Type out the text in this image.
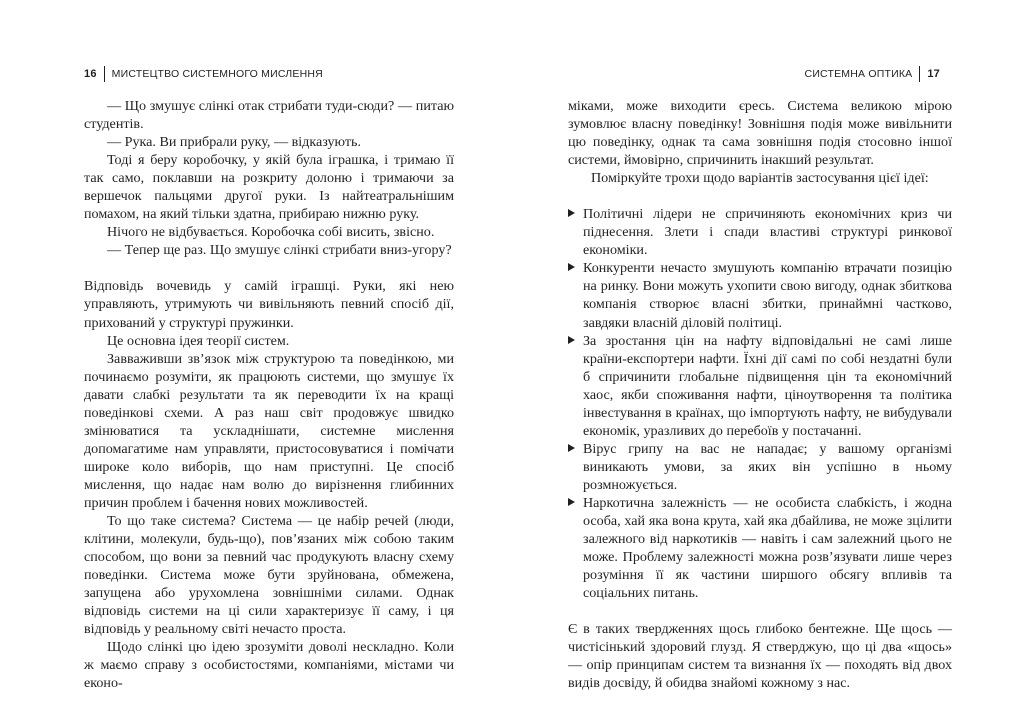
16 МИСТЕЦТВО СИСТЕМНОГО МИСЛЕННЯ

— Що змушує слінкі отак стрибати туди-сюди? — питаю студентів.

— Рука. Ви прибрали руку, — відказують.

Тоді я беру коробочку, у якій була іграшка, і тримаю її так само, поклавши на розкриту долоню і тримаючи за вершечок пальцями другої руки. Із найтеатральнішим помахом, на який тільки здатна, прибираю нижню руку.

Нічого не відбувається. Коробочка собі висить, звісно.

— Тепер ще раз. Що змушує слінкі стрибати вниз-угору?

Відповідь вочевидь у самій іграшці. Руки, які нею управляють, утримують чи вивільняють певний спосіб дії, прихований у структурі пружинки.

Це основна ідея теорії систем.

Завваживши зв’язок між структурою та поведінкою, ми починаємо розуміти, як працюють системи, що змушує їх давати слабкі результати та як переводити їх на кращі поведінкові схеми. А раз наш світ продовжує швидко змінюватися та ускладнішати, системне мислення допомагатиме нам управляти, пристосовуватися і помічати широке коло виборів, що нам приступні. Це спосіб мислення, що надає нам волю до вирізнення глибинних причин проблем і бачення нових можливостей.

То що таке система? Система — це набір речей (люди, клітини, молекули, будь-що), пов’язаних між собою таким способом, що вони за певний час продукують власну схему поведінки. Система може бути зруйнована, обмежена, запущена або урухомлена зовнішніми силами. Однак відповідь системи на ці сили характеризує її саму, і ця відповідь у реальному світі нечасто проста.

Щодо слінкі цю ідею зрозуміти доволі нескладно. Коли ж маємо справу з особистостями, компаніями, містами чи еконо-

СИСТЕМНА ОПТИКА 17

міками, може виходити єресь. Система великою мірою зумовлює власну поведінку! Зовнішня подія може вивільнити цю поведінку, однак та сама зовнішня подія стосовно іншої системи, ймовірно, спричинить інакший результат.

Поміркуйте трохи щодо варіантів застосування цієї ідеї:

Політичні лідери не спричиняють економічних криз чи піднесення. Злети і спади властиві структурі ринкової економіки.
Конкуренти нечасто змушують компанію втрачати позицію на ринку. Вони можуть ухопити свою вигоду, однак збиткова компанія створює власні збитки, принаймні частково, завдяки власній діловій політиці.
За зростання цін на нафту відповідальні не самі лише країни-експортери нафти. Їхні дії самі по собі нездатні були б спричинити глобальне підвищення цін та економічний хаос, якби споживання нафти, ціноутворення та політика інвестування в країнах, що імпортують нафту, не вибудували економік, уразливих до перебоїв у постачанні.
Вірус грипу на вас не нападає; у вашому організмі виникають умови, за яких він успішно в ньому розмножується.
Наркотична залежність — не особиста слабкість, і жодна особа, хай яка вона крута, хай яка дбайлива, не може зцілити залежного від наркотиків — навіть і сам залежний цього не може. Проблему залежності можна розв’язувати лише через розуміння її як частини ширшого обсягу впливів та соціальних питань.

Є в таких твердженнях щось глибоко бентежне. Ще щось — чистісінький здоровий глузд. Я стверджую, що ці два «щось» — опір принципам систем та визнання їх — походять від двох видів досвіду, й обидва знайомі кожному з нас.
